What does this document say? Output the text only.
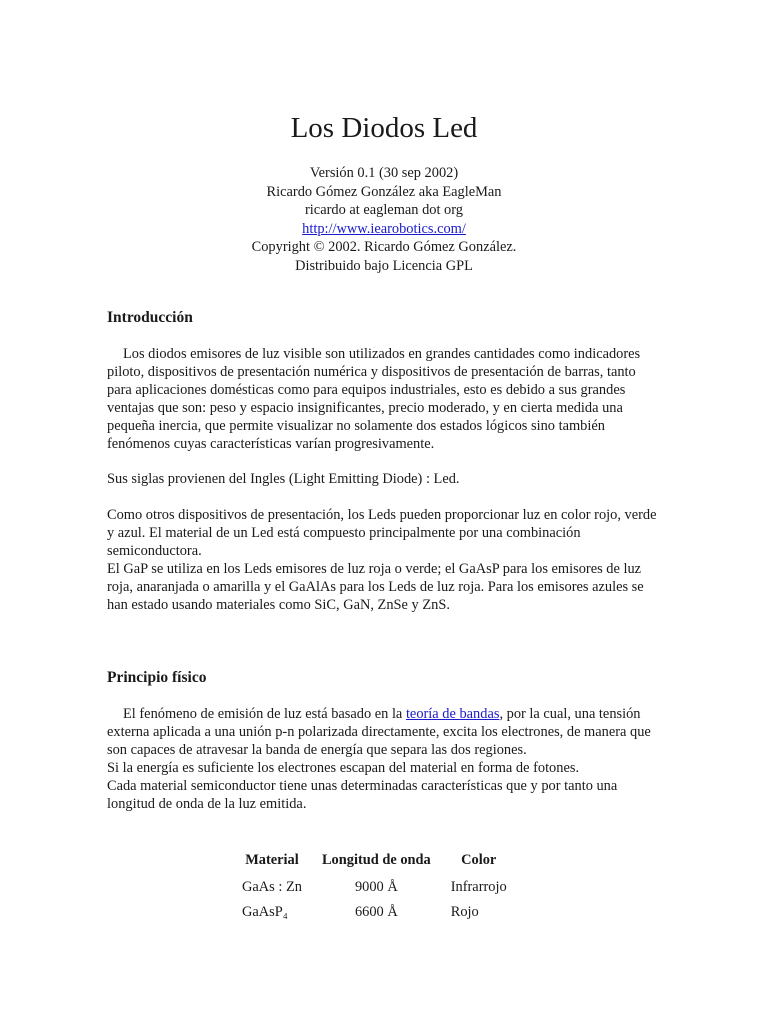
Los Diodos Led
Versión 0.1 (30 sep 2002)
Ricardo Gómez González aka EagleMan
ricardo at eagleman dot org
http://www.iearobotics.com/
Copyright © 2002. Ricardo Gómez González.
Distribuido bajo Licencia GPL
Introducción

Los diodos emisores de luz visible son utilizados en grandes cantidades como indicadores piloto, dispositivos de presentación numérica y dispositivos de presentación de barras, tanto para aplicaciones domésticas como para equipos industriales, esto es debido a sus grandes ventajas que son: peso y espacio insignificantes, precio moderado, y en cierta medida una pequeña inercia, que permite visualizar no solamente dos estados lógicos sino también fenómenos cuyas características varían progresivamente.

Sus siglas provienen del Ingles (Light Emitting Diode) : Led.

Como otros dispositivos de presentación, los Leds pueden proporcionar luz en color rojo, verde y azul. El material de un Led está compuesto principalmente por una combinación semiconductora.

El GaP se utiliza en los Leds emisores de luz roja o verde; el GaAsP para los emisores de luz roja, anaranjada o amarilla y el GaAlAs para los Leds de luz roja. Para los emisores azules se han estado usando materiales como SiC, GaN, ZnSe y ZnS.

Principio físico

El fenómeno de emisión de luz está basado en la teoría de bandas, por la cual, una tensión externa aplicada a una unión p-n polarizada directamente, excita los electrones, de manera que son capaces de atravesar la banda de energía que separa las dos regiones.

Si la energía es suficiente los electrones escapan del material en forma de fotones.

Cada material semiconductor tiene unas determinadas características que y por tanto una longitud de onda de la luz emitida.

Material	Longitud de onda	Color
GaAs : Zn	9000 Å	Infrarrojo
GaAsP₄	6600 Å	Rojo
